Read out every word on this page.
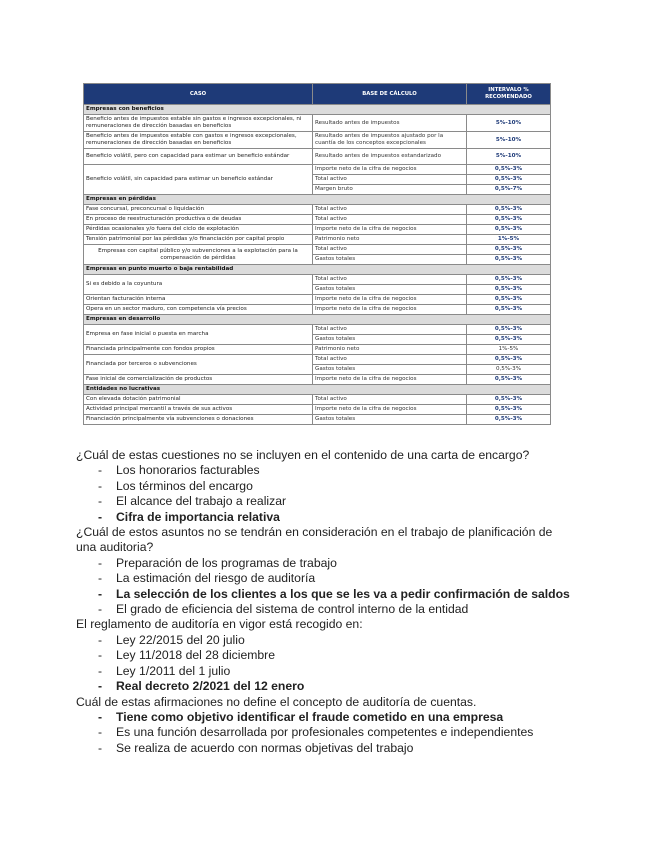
CASO	BASE DE CÁLCULO	INTERVALO % RECOMENDADO
Empresas con beneficios		
Beneficio antes de impuestos estable sin gastos e ingresos excepcionales, ni remuneraciones de dirección basadas en beneficios	Resultado antes de impuestos	5%-10%
Beneficio antes de impuestos estable con gastos e ingresos excepcionales, remuneraciones de dirección basadas en beneficios	Resultado antes de impuestos ajustado por la cuantía de los conceptos excepcionales	5%-10%
Beneficio volátil, pero con capacidad para estimar un beneficio estándar	Resultado antes de impuestos estandarizado	5%-10%
Beneficio volátil, sin capacidad para estimar un beneficio estándar	Importe neto de la cifra de negocios	0,5%-3%
	Total activo	0,5%-3%
	Margen bruto	0,5%-7%
Empresas en pérdidas		
Fase concursal, preconcursal o liquidación	Total activo	0,5%-3%
En proceso de reestructuración productiva o de deudas	Total activo	0,5%-3%
Pérdidas ocasionales y/o fuera del ciclo de explotación	Importe neto de la cifra de negocios	0,5%-3%
Tensión patrimonial por las pérdidas y/o financiación por capital propio	Patrimonio neto	1%-5%
Empresas con capital público y/o subvenciones a la explotación para la compensación de pérdidas	Total activo	0,5%-3%
	Gastos totales	0,5%-3%
Empresas en punto muerto o baja rentabilidad		
Si es debido a la coyuntura	Total activo	0,5%-3%
	Gastos totales	0,5%-3%
Orientan facturación interna	Importe neto de la cifra de negocios	0,5%-3%
Opera en un sector maduro, con competencia vía precios	Importe neto de la cifra de negocios	0,5%-3%
Empresas en desarrollo		
Empresa en fase inicial o puesta en marcha	Total activo	0,5%-3%
	Gastos totales	0,5%-3%
Financiada principalmente con fondos propios	Patrimonio neto	1%-5%
Financiada por terceros o subvenciones	Total activo	0,5%-3%
	Gastos totales	0,5%-3%
Fase inicial de comercialización de productos	Importe neto de la cifra de negocios	0,5%-3%
Entidades no lucrativas		
Con elevada dotación patrimonial	Total activo	0,5%-3%
Actividad principal mercantil a través de sus activos	Importe neto de la cifra de negocios	0,5%-3%
Financiación principalmente vía subvenciones o donaciones	Gastos totales	0,5%-3%

¿Cuál de estas cuestiones no se incluyen en el contenido de una carta de encargo?

- Los honorarios facturables
- Los términos del encargo
- El alcance del trabajo a realizar
- Cifra de importancia relativa

¿Cuál de estos asuntos no se tendrán en consideración en el trabajo de planificación de una auditoria?

- Preparación de los programas de trabajo
- La estimación del riesgo de auditoría
- La selección de los clientes a los que se les va a pedir confirmación de saldos
- El grado de eficiencia del sistema de control interno de la entidad

El reglamento de auditoría en vigor está recogido en:

- Ley 22/2015 del 20 julio
- Ley 11/2018 del 28 diciembre
- Ley 1/2011 del 1 julio
- Real decreto 2/2021 del 12 enero

Cuál de estas afirmaciones no define el concepto de auditoría de cuentas.

- Tiene como objetivo identificar el fraude cometido en una empresa
- Es una función desarrollada por profesionales competentes e independientes
- Se realiza de acuerdo con normas objetivas del trabajo
